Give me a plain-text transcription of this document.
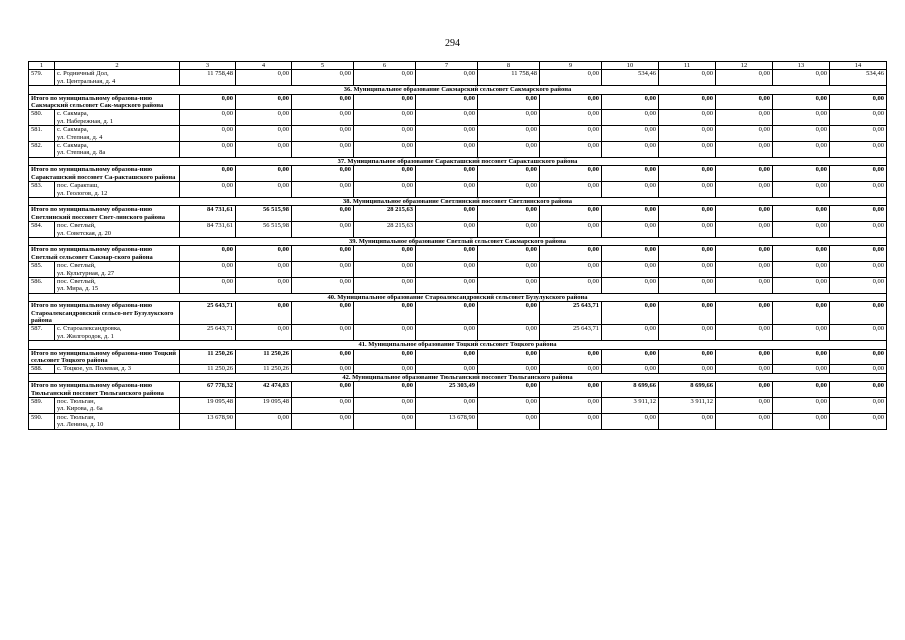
294
1	2	3	4	5	6	7	8	9	10	11	12	13	14
579.	с. Родничный Дол,
ул. Центральная, д. 4	11 758,48	0,00	0,00	0,00	0,00	11 758,48	0,00	534,46	0,00	0,00	0,00	534,46
36. Муниципальное образование Сакмарский сельсовет Сакмарского района													
Итого по муниципальному образова-нию Сакмарский сельсовет Сак-марского района		0,00	0,00	0,00	0,00	0,00	0,00	0,00	0,00	0,00	0,00	0,00	0,00
580.	с. Сакмара,
ул. Набережная, д. 1	0,00	0,00	0,00	0,00	0,00	0,00	0,00	0,00	0,00	0,00	0,00	0,00
581.	с. Сакмара,
ул. Степная, д. 4	0,00	0,00	0,00	0,00	0,00	0,00	0,00	0,00	0,00	0,00	0,00	0,00
582.	с. Сакмара,
ул. Степная, д. 8а	0,00	0,00	0,00	0,00	0,00	0,00	0,00	0,00	0,00	0,00	0,00	0,00
37. Муниципальное образование Саракташский поссовет Саракташского района													
Итого по муниципальному образова-нию Саракташский поссовет Са-ракташского района		0,00	0,00	0,00	0,00	0,00	0,00	0,00	0,00	0,00	0,00	0,00	0,00
583.	пос. Саракташ,
ул. Геологов, д. 12	0,00	0,00	0,00	0,00	0,00	0,00	0,00	0,00	0,00	0,00	0,00	0,00
38. Муниципальное образование Светлинский поссовет Светлинского района													
Итого по муниципальному образова-нию Светлинский поссовет Свет-линского района		84 731,61	56 515,98	0,00	28 215,63	0,00	0,00	0,00	0,00	0,00	0,00	0,00	0,00
584.	пос. Светлый,
ул. Советская, д. 20	84 731,61	56 515,98	0,00	28 215,63	0,00	0,00	0,00	0,00	0,00	0,00	0,00	0,00
39. Муниципальное образование Светлый сельсовет Сакмарского района													
Итого по муниципальному образова-нию Светлый сельсовет Сакмар-ского района		0,00	0,00	0,00	0,00	0,00	0,00	0,00	0,00	0,00	0,00	0,00	0,00
585.	пос. Светлый,
ул. Культурная, д. 27	0,00	0,00	0,00	0,00	0,00	0,00	0,00	0,00	0,00	0,00	0,00	0,00
586.	пос. Светлый,
ул. Мира, д. 15	0,00	0,00	0,00	0,00	0,00	0,00	0,00	0,00	0,00	0,00	0,00	0,00
40. Муниципальное образование Староалександровский сельсовет Бузулукского района													
Итого по муниципальному образова-нию Староалександровский сельсо-вет Бузулукского района		25 643,71	0,00	0,00	0,00	0,00	0,00	25 643,71	0,00	0,00	0,00	0,00	0,00
587.	с. Староалександровка,
ул. Жилгородок, д. 1	25 643,71	0,00	0,00	0,00	0,00	0,00	25 643,71	0,00	0,00	0,00	0,00	0,00
41. Муниципальное образование Тоцкий сельсовет Тоцкого района													
Итого по муниципальному образова-нию Тоцкий сельсовет Тоцкого района		11 250,26	11 250,26	0,00	0,00	0,00	0,00	0,00	0,00	0,00	0,00	0,00	0,00
588.	с. Тоцкое, ул. Полевая, д. 3	11 250,26	11 250,26	0,00	0,00	0,00	0,00	0,00	0,00	0,00	0,00	0,00	0,00
42. Муниципальное образование Тюльганский поссовет Тюльганского района													
Итого по муниципальному образова-нию Тюльганский поссовет Тюльганского района		67 778,32	42 474,83	0,00	0,00	25 303,49	0,00	0,00	8 699,66	8 699,66	0,00	0,00	0,00
589.	пос. Тюльган,
ул. Кирова, д. 6а	19 095,48	19 095,48	0,00	0,00	0,00	0,00	0,00	3 911,12	3 911,12	0,00	0,00	0,00
590.	пос. Тюльган,
ул. Ленина, д. 10	13 678,90	0,00	0,00	0,00	13 678,90	0,00	0,00	0,00	0,00	0,00	0,00	0,00
